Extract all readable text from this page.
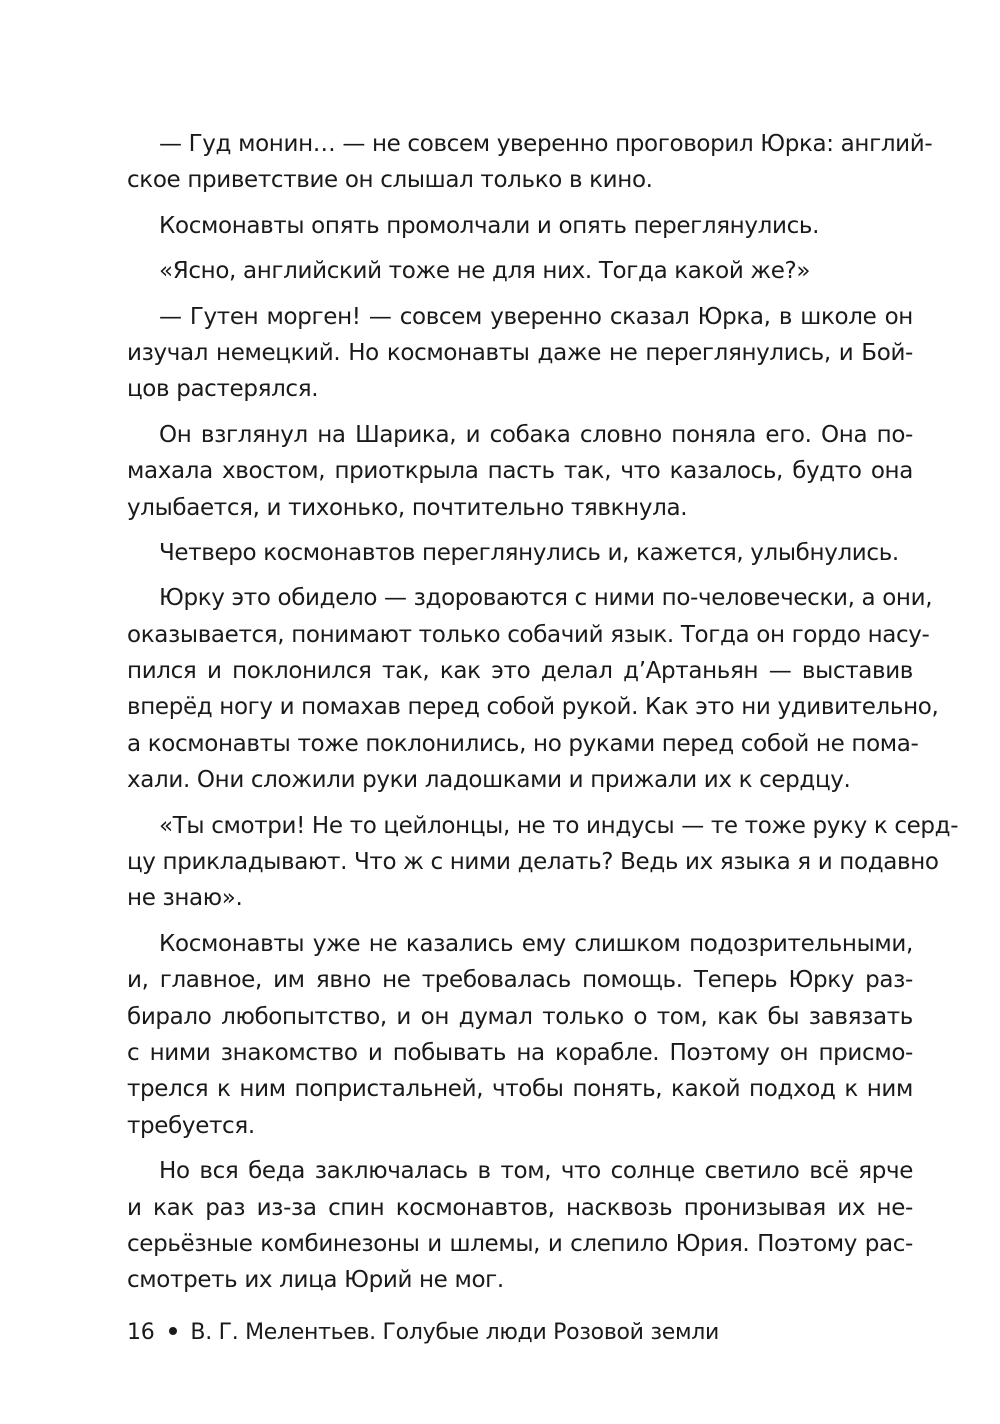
— Гуд монин… — не совсем уверенно проговорил Юрка: англий-
ское приветствие он слышал только в кино.
Космонавты опять промолчали и опять переглянулись.
«Ясно, английский тоже не для них. Тогда какой же?»
— Гутен морген! — совсем уверенно сказал Юрка, в школе он
изучал немецкий. Но космонавты даже не переглянулись, и Бой-
цов растерялся.
Он взглянул на Шарика, и собака словно поняла его. Она по-
махала хвостом, приоткрыла пасть так, что казалось, будто она
улыбается, и тихонько, почтительно тявкнула.
Четверо космонавтов переглянулись и, кажется, улыбнулись.
Юрку это обидело — здороваются с ними по-человечески, а они,
оказывается, понимают только собачий язык. Тогда он гордо насу-
пился и поклонился так, как это делал д’Артаньян — выставив
вперёд ногу и помахав перед собой рукой. Как это ни удивительно,
а космонавты тоже поклонились, но руками перед собой не пома-
хали. Они сложили руки ладошками и прижали их к сердцу.
«Ты смотри! Не то цейлонцы, не то индусы — те тоже руку к серд-
цу прикладывают. Что ж с ними делать? Ведь их языка я и подавно
не знаю».
Космонавты уже не казались ему слишком подозрительными,
и, главное, им явно не требовалась помощь. Теперь Юрку раз-
бирало любопытство, и он думал только о том, как бы завязать
с ними знакомство и побывать на корабле. Поэтому он присмо-
трелся к ним попристальней, чтобы понять, какой подход к ним
требуется.
Но вся беда заключалась в том, что солнце светило всё ярче
и как раз из-за спин космонавтов, насквозь пронизывая их не-
серьёзные комбинезоны и шлемы, и слепило Юрия. Поэтому рас-
смотреть их лица Юрий не мог.
16 В. Г. Мелентьев. Голубые люди Розовой земли
